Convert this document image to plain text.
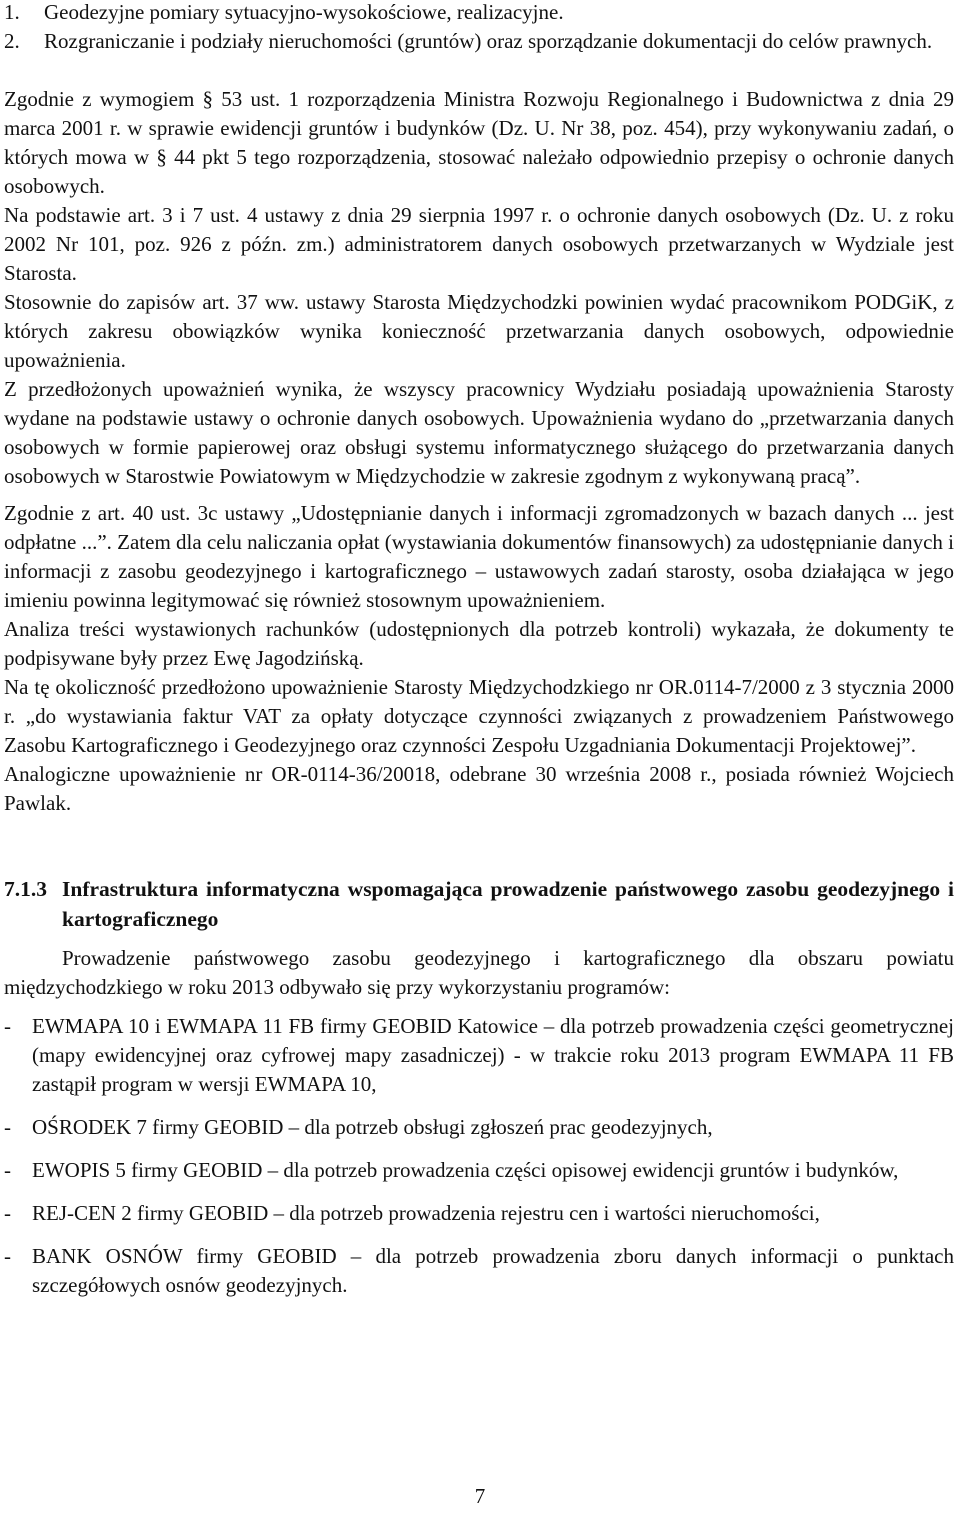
1.	Geodezyjne pomiary sytuacyjno-wysokościowe, realizacyjne.
2.	Rozgraniczanie i podziały nieruchomości (gruntów) oraz sporządzanie dokumentacji do celów prawnych.

Zgodnie z wymogiem § 53 ust. 1 rozporządzenia Ministra Rozwoju Regionalnego i Budownictwa z dnia 29 marca 2001 r. w sprawie ewidencji gruntów i budynków (Dz. U. Nr 38, poz. 454), przy wykonywaniu zadań, o których mowa w § 44 pkt 5 tego rozporządzenia, stosować należało odpowiednio przepisy o ochronie danych osobowych.

Na podstawie art. 3 i 7 ust. 4 ustawy z dnia 29 sierpnia 1997 r. o ochronie danych osobowych (Dz. U. z roku 2002 Nr 101, poz. 926 z późn. zm.) administratorem danych osobowych przetwarzanych w Wydziale jest Starosta.

Stosownie do zapisów art. 37 ww. ustawy Starosta Międzychodzki powinien wydać pracownikom PODGiK, z których zakresu obowiązków wynika konieczność przetwarzania danych osobowych, odpowiednie upoważnienia.

Z przedłożonych upoważnień wynika, że wszyscy pracownicy Wydziału posiadają upoważnienia Starosty wydane na podstawie ustawy o ochronie danych osobowych. Upoważnienia wydano do „przetwarzania danych osobowych w formie papierowej oraz obsługi systemu informatycznego służącego do przetwarzania danych osobowych w Starostwie Powiatowym w Międzychodzie w zakresie zgodnym z wykonywaną pracą”.

Zgodnie z art. 40 ust. 3c ustawy „Udostępnianie danych i informacji zgromadzonych w bazach danych ... jest odpłatne ...”. Zatem dla celu naliczania opłat (wystawiania dokumentów finansowych) za udostępnianie danych i informacji z zasobu geodezyjnego i kartograficznego – ustawowych zadań starosty, osoba działająca w jego imieniu powinna legitymować się również stosownym upoważnieniem.

Analiza treści wystawionych rachunków (udostępnionych dla potrzeb kontroli) wykazała, że dokumenty te podpisywane były przez Ewę Jagodzińską.

Na tę okoliczność przedłożono upoważnienie Starosty Międzychodzkiego nr OR.0114-7/2000 z 3 stycznia 2000 r. „do wystawiania faktur VAT za opłaty dotyczące czynności związanych z prowadzeniem Państwowego Zasobu Kartograficznego i Geodezyjnego oraz czynności Zespołu Uzgadniania Dokumentacji Projektowej”.

Analogiczne upoważnienie nr OR-0114-36/20018, odebrane 30 września 2008 r., posiada również Wojciech Pawlak.

7.1.3 Infrastruktura informatyczna wspomagająca prowadzenie państwowego zasobu geodezyjnego i kartograficznego

Prowadzenie państwowego zasobu geodezyjnego i kartograficznego dla obszaru powiatu międzychodzkiego w roku 2013 odbywało się przy wykorzystaniu programów:

-	EWMAPA 10 i EWMAPA 11 FB firmy GEOBID Katowice – dla potrzeb prowadzenia części geometrycznej (mapy ewidencyjnej oraz cyfrowej mapy zasadniczej) - w trakcie roku 2013 program EWMAPA 11 FB zastąpił program w wersji EWMAPA 10,
-	OŚRODEK 7 firmy GEOBID – dla potrzeb obsługi zgłoszeń prac geodezyjnych,
-	EWOPIS 5 firmy GEOBID – dla potrzeb prowadzenia części opisowej ewidencji gruntów i budynków,
-	REJ-CEN 2 firmy GEOBID – dla potrzeb prowadzenia rejestru cen i wartości nieruchomości,
-	BANK OSNÓW firmy GEOBID – dla potrzeb prowadzenia zboru danych informacji o punktach szczegółowych osnów geodezyjnych.
7
